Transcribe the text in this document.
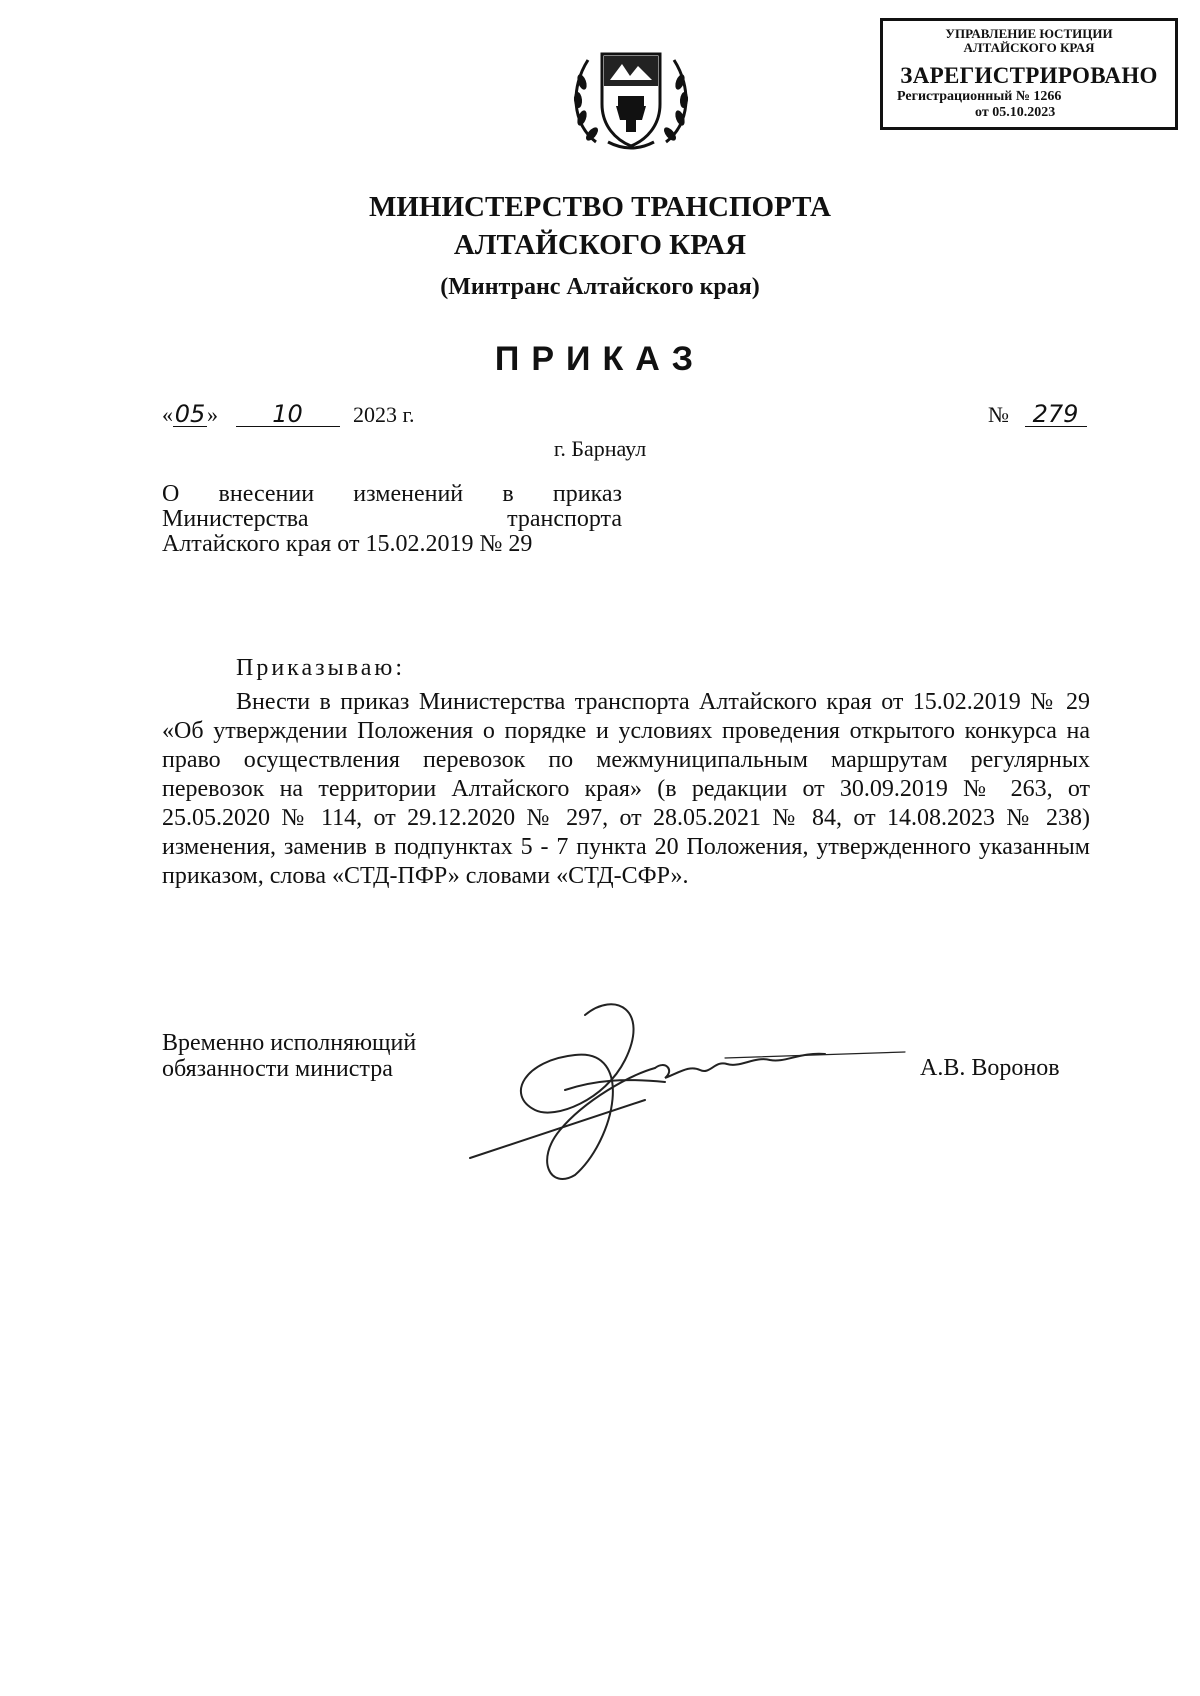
УПРАВЛЕНИЕ ЮСТИЦИИ
АЛТАЙСКОГО КРАЯ
ЗАРЕГИСТРИРОВАНО
Регистрационный № 1266
от 05.10.2023
МИНИСТЕРСТВО ТРАНСПОРТА
АЛТАЙСКОГО КРАЯ
(Минтранс Алтайского края)
ПРИКАЗ
«05» 10 2023 г.	№ 279
г. Барнаул
О внесении изменений в приказ
Министерства транспорта
Алтайского края от 15.02.2019 № 29
Приказываю:
Внести в приказ Министерства транспорта Алтайского края от 15.02.2019 № 29 «Об утверждении Положения о порядке и условиях проведения открытого конкурса на право осуществления перевозок по межмуниципальным маршрутам регулярных перевозок на территории Алтайского края» (в редакции от 30.09.2019 № 263, от 25.05.2020 № 114, от 29.12.2020 № 297, от 28.05.2021 № 84, от 14.08.2023 № 238) изменения, заменив в подпунктах 5 - 7 пункта 20 Положения, утвержденного указанным приказом, слова «СТД-ПФР» словами «СТД-СФР».
Временно исполняющий
обязанности министра	А.В. Воронов
